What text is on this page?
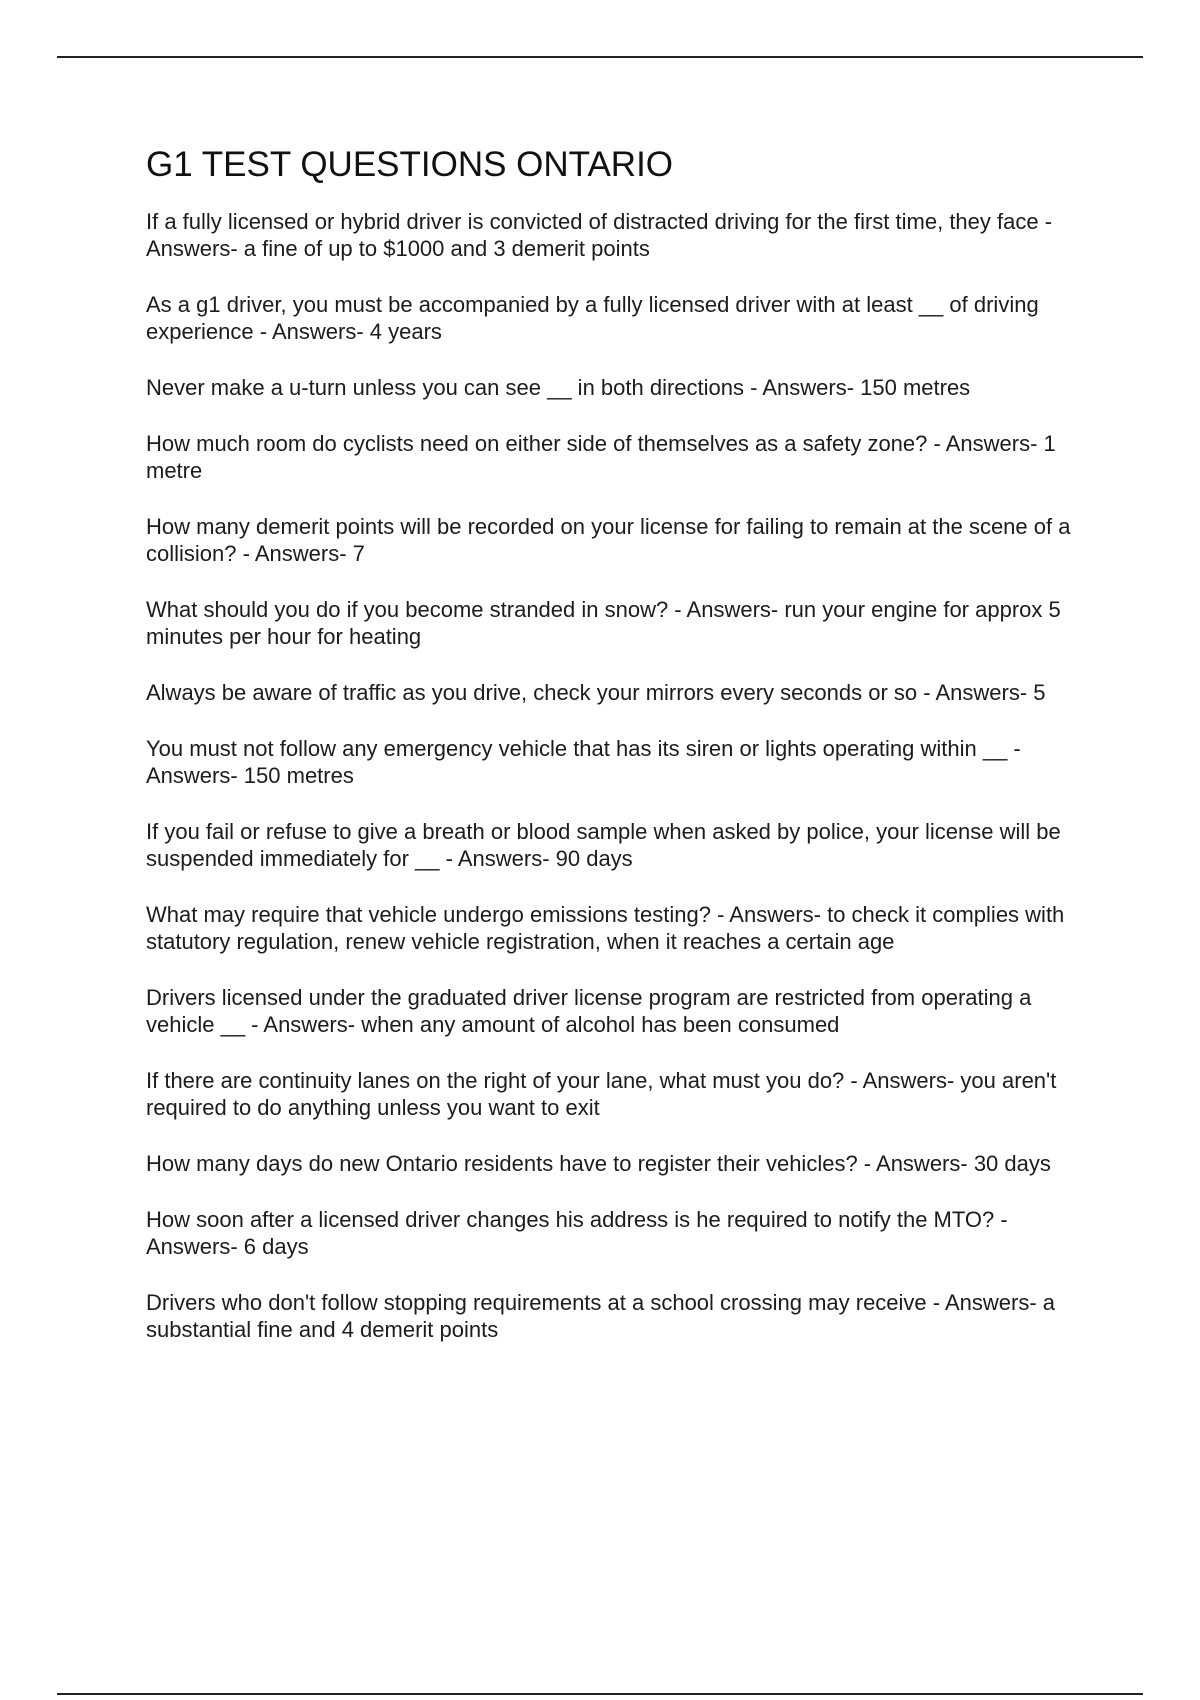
G1 TEST QUESTIONS ONTARIO
If a fully licensed or hybrid driver is convicted of distracted driving for the first time, they face - Answers- a fine of up to $1000 and 3 demerit points
As a g1 driver, you must be accompanied by a fully licensed driver with at least __ of driving experience - Answers- 4 years
Never make a u-turn unless you can see __ in both directions - Answers- 150 metres
How much room do cyclists need on either side of themselves as a safety zone? - Answers- 1 metre
How many demerit points will be recorded on your license for failing to remain at the scene of a collision? - Answers- 7
What should you do if you become stranded in snow? - Answers- run your engine for approx 5 minutes per hour for heating
Always be aware of traffic as you drive, check your mirrors every seconds or so - Answers- 5
You must not follow any emergency vehicle that has its siren or lights operating within __ - Answers- 150 metres
If you fail or refuse to give a breath or blood sample when asked by police, your license will be suspended immediately for __ - Answers- 90 days
What may require that vehicle undergo emissions testing? - Answers- to check it complies with statutory regulation, renew vehicle registration, when it reaches a certain age
Drivers licensed under the graduated driver license program are restricted from operating a vehicle __ - Answers- when any amount of alcohol has been consumed
If there are continuity lanes on the right of your lane, what must you do? - Answers- you aren't required to do anything unless you want to exit
How many days do new Ontario residents have to register their vehicles? - Answers- 30 days
How soon after a licensed driver changes his address is he required to notify the MTO? - Answers- 6 days
Drivers who don't follow stopping requirements at a school crossing may receive - Answers- a substantial fine and 4 demerit points
